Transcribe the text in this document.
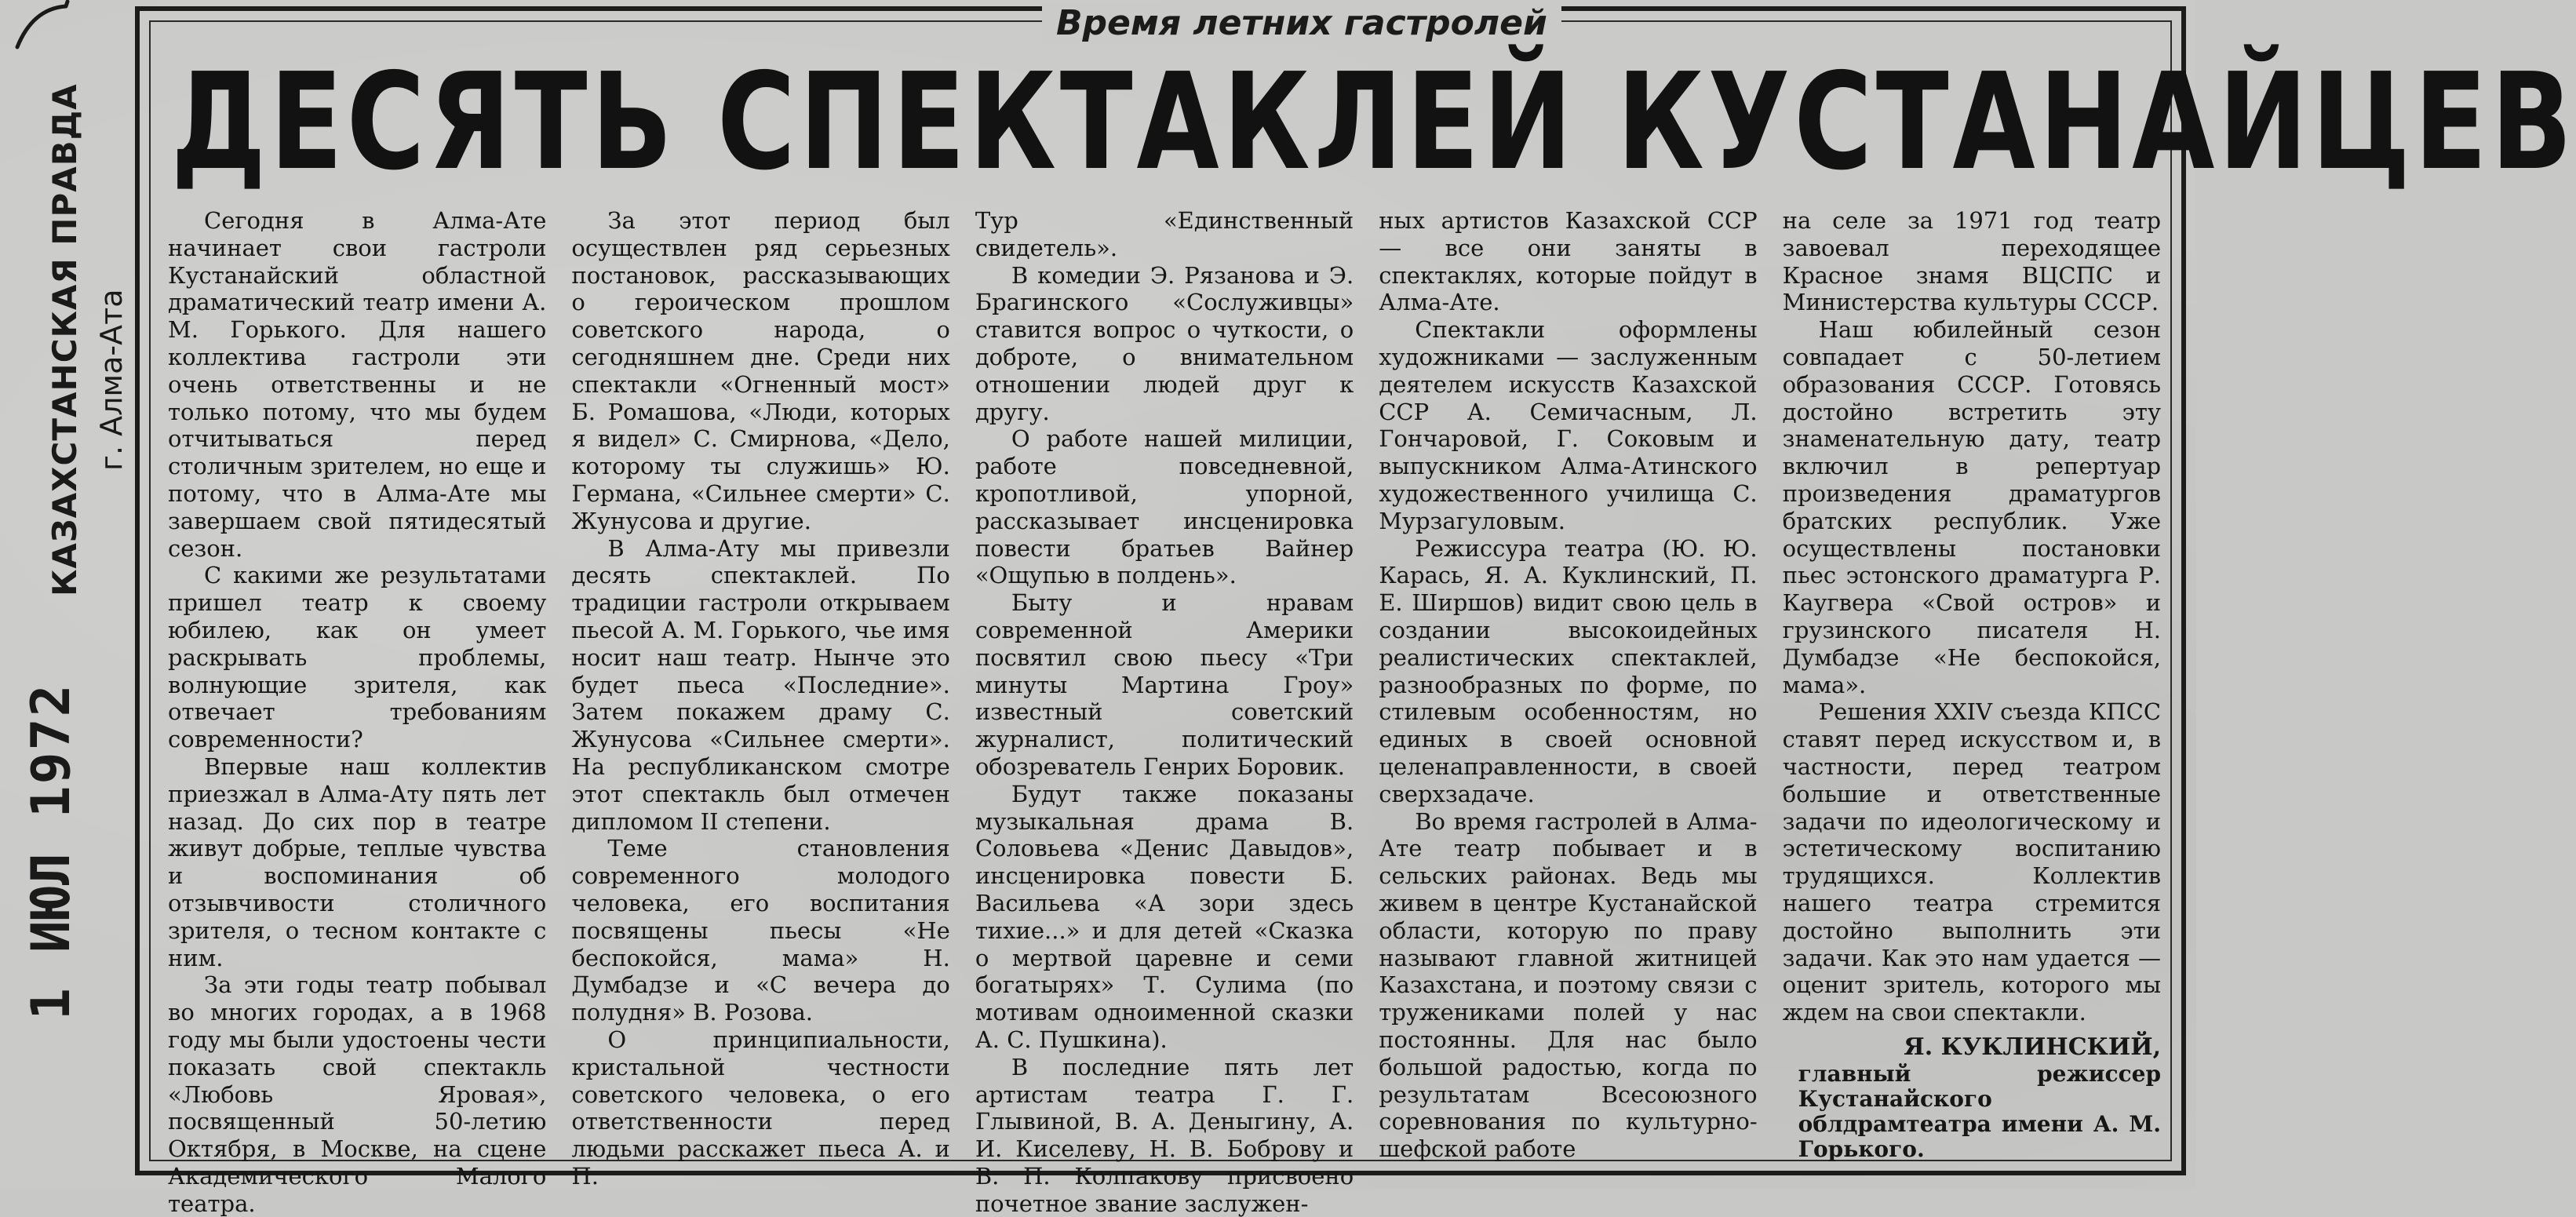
КАЗАХСТАНСКАЯ ПРАВДА г. Алма-Ата
1 ИЮЛ 1972
Время летних гастролей
ДЕСЯТЬ СПЕКТАКЛЕЙ КУСТАНАЙЦЕВ

Сегодня в Алма-Ате начинает свои гастроли Кустанайский областной драматический театр имени А. М. Горького. Для нашего коллектива гастроли эти очень ответственны и не только потому, что мы будем отчитываться перед столичным зрителем, но еще и потому, что в Алма-Ате мы завершаем свой пятидесятый сезон.

С какими же результатами пришел театр к своему юбилею, как он умеет раскрывать проблемы, волнующие зрителя, как отвечает требованиям современности?

Впервые наш коллектив приезжал в Алма-Ату пять лет назад. До сих пор в театре живут добрые, теплые чувства и воспоминания об отзывчивости столичного зрителя, о тесном контакте с ним.

За эти годы театр побывал во многих городах, а в 1968 году мы были удостоены чести показать свой спектакль «Любовь Яровая», посвященный 50-летию Октября, в Москве, на сцене Академического Малого театра.

За этот период был осуществлен ряд серьезных постановок, рассказывающих о героическом прошлом советского народа, о сегодняшнем дне. Среди них спектакли «Огненный мост» Б. Ромашова, «Люди, которых я видел» С. Смирнова, «Дело, которому ты служишь» Ю. Германа, «Сильнее смерти» С. Жунусова и другие.

В Алма-Ату мы привезли десять спектаклей. По традиции гастроли открываем пьесой А. М. Горького, чье имя носит наш театр. Нынче это будет пьеса «Последние». Затем покажем драму С. Жунусова «Сильнее смерти». На республиканском смотре этот спектакль был отмечен дипломом II степени.

Теме становления современного молодого человека, его воспитания посвящены пьесы «Не беспокойся, мама» Н. Думбадзе и «С вечера до полудня» В. Розова.

О принципиальности, кристальной честности советского человека, о его ответственности перед людьми расскажет пьеса А. и П.

Тур «Единственный свидетель».

В комедии Э. Рязанова и Э. Брагинского «Сослуживцы» ставится вопрос о чуткости, о доброте, о внимательном отношении людей друг к другу.

О работе нашей милиции, работе повседневной, кропотливой, упорной, рассказывает инсценировка повести братьев Вайнер «Ощупью в полдень».

Быту и нравам современной Америки посвятил свою пьесу «Три минуты Мартина Гроу» известный советский журналист, политический обозреватель Генрих Боровик.

Будут также показаны музыкальная драма В. Соловьева «Денис Давыдов», инсценировка повести Б. Васильева «А зори здесь тихие...» и для детей «Сказка о мертвой царевне и семи богатырях» Т. Сулима (по мотивам одноименной сказки А. С. Пушкина).

В последние пять лет артистам театра Г. Г. Глывиной, В. А. Деныгину, А. И. Киселеву, Н. В. Боброву и В. П. Колпакову присвоено почетное звание заслужен-

ных артистов Казахской ССР — все они заняты в спектаклях, которые пойдут в Алма-Ате.

Спектакли оформлены художниками — заслуженным деятелем искусств Казахской ССР А. Семичасным, Л. Гончаровой, Г. Соковым и выпускником Алма-Атинского художественного училища С. Мурзагуловым.

Режиссура театра (Ю. Ю. Карась, Я. А. Куклинский, П. Е. Ширшов) видит свою цель в создании высокоидейных реалистических спектаклей, разнообразных по форме, по стилевым особенностям, но единых в своей основной целенаправленности, в своей сверхзадаче.

Во время гастролей в Алма-Ате театр побывает и в сельских районах. Ведь мы живем в центре Кустанайской области, которую по праву называют главной житницей Казахстана, и поэтому связи с тружениками полей у нас постоянны. Для нас было большой радостью, когда по результатам Всесоюзного соревнования по культурно-шефской работе

на селе за 1971 год театр завоевал переходящее Красное знамя ВЦСПС и Министерства культуры СССР.

Наш юбилейный сезон совпадает с 50-летием образования СССР. Готовясь достойно встретить эту знаменательную дату, театр включил в репертуар произведения драматургов братских республик. Уже осуществлены постановки пьес эстонского драматурга Р. Каугвера «Свой остров» и грузинского писателя Н. Думбадзе «Не беспокойся, мама».

Решения XXIV съезда КПСС ставят перед искусством и, в частности, перед театром большие и ответственные задачи по идеологическому и эстетическому воспитанию трудящихся. Коллектив нашего театра стремится достойно выполнить эти задачи. Как это нам удается — оценит зритель, которого мы ждем на свои спектакли.

Я. КУКЛИНСКИЙ,
главный режиссер Кустанайского облдрамтеатра имени А. М. Горького.
